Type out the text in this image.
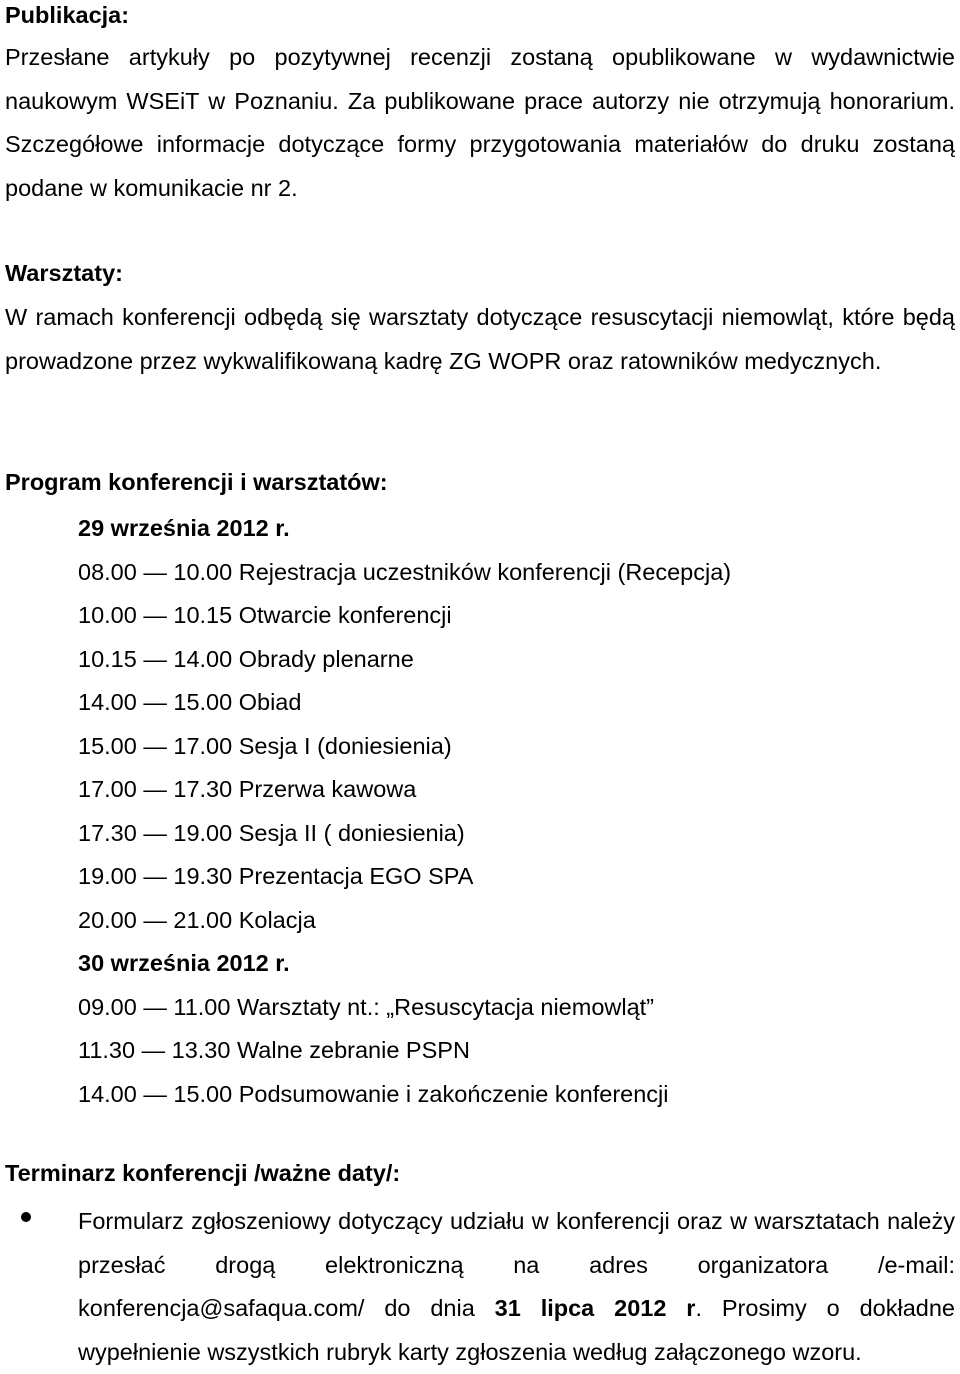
Publikacja:

Przesłane artykuły po pozytywnej recenzji zostaną opublikowane w wydawnictwie naukowym WSEiT w Poznaniu. Za publikowane prace autorzy nie otrzymują honorarium. Szczegółowe informacje dotyczące formy przygotowania materiałów do druku zostaną podane w komunikacie nr 2.

Warsztaty:

W ramach konferencji odbędą się warsztaty dotyczące resuscytacji niemowląt, które będą prowadzone przez wykwalifikowaną kadrę ZG WOPR oraz ratowników medycznych.

Program konferencji i warsztatów:
29 września 2012 r.
08.00 — 10.00 Rejestracja uczestników konferencji (Recepcja)
10.00 — 10.15 Otwarcie konferencji
10.15 — 14.00 Obrady plenarne
14.00 — 15.00 Obiad
15.00 — 17.00 Sesja I (doniesienia)
17.00 — 17.30 Przerwa kawowa
17.30 — 19.00 Sesja II ( doniesienia)
19.00 — 19.30 Prezentacja EGO SPA
20.00 — 21.00 Kolacja
30 września 2012 r.
09.00 — 11.00 Warsztaty nt.: „Resuscytacja niemowląt”
11.30 — 13.30 Walne zebranie PSPN
14.00 — 15.00 Podsumowanie i zakończenie konferencji
Terminarz konferencji /ważne daty/:

Formularz zgłoszeniowy dotyczący udziału w konferencji oraz w warsztatach należy przesłać drogą elektroniczną na adres organizatora /e-mail: konferencja@safaqua.com/ do dnia 31 lipca 2012 r. Prosimy o dokładne wypełnienie wszystkich rubryk karty zgłoszenia według załączonego wzoru.
